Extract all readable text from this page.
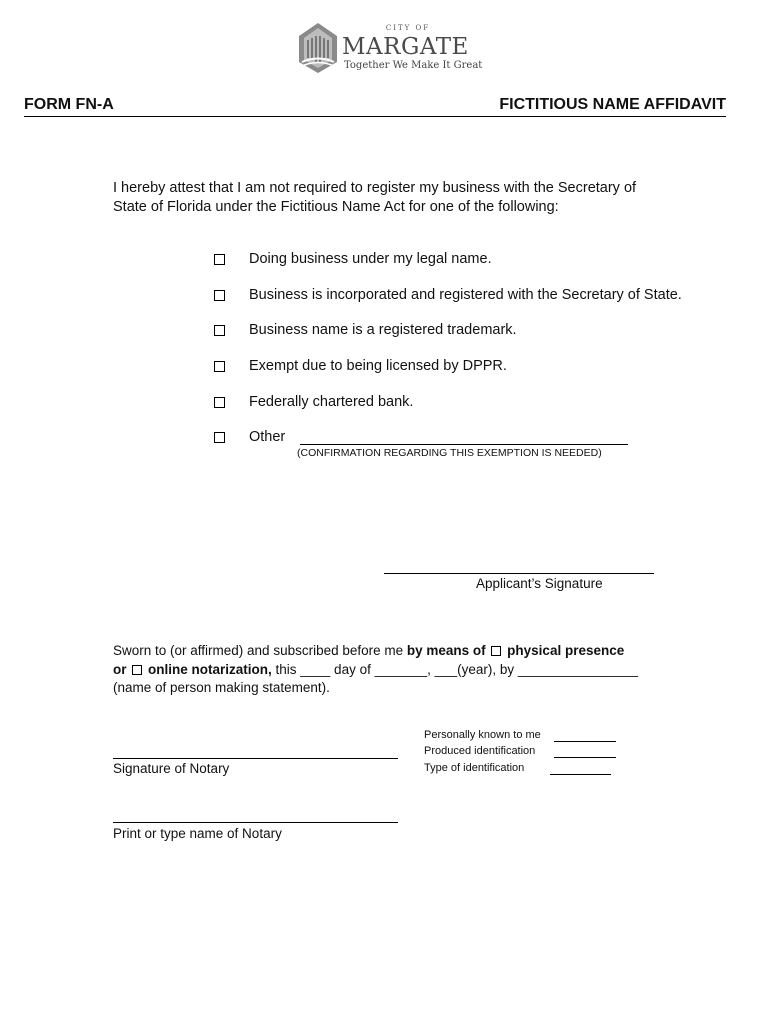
CITY OF
MARGATE
Together We Make It Great
FORM FN-A	FICTITIOUS NAME AFFIDAVIT
I hereby attest that I am not required to register my business with the Secretary of
State of Florida under the Fictitious Name Act for one of the following:
Doing business under my legal name.
Business is incorporated and registered with the Secretary of State.
Business name is a registered trademark.
Exempt due to being licensed by DPPR.
Federally chartered bank.
Other
(CONFIRMATION REGARDING THIS EXEMPTION IS NEEDED)
Applicant’s Signature
Sworn to (or affirmed) and subscribed before me by means of  physical presence
or  online notarization, this ____ day of _______, ___(year), by ________________
(name of person making statement).
Personally known to me
Produced identification
Type of identification
Signature of Notary
Print or type name of Notary
